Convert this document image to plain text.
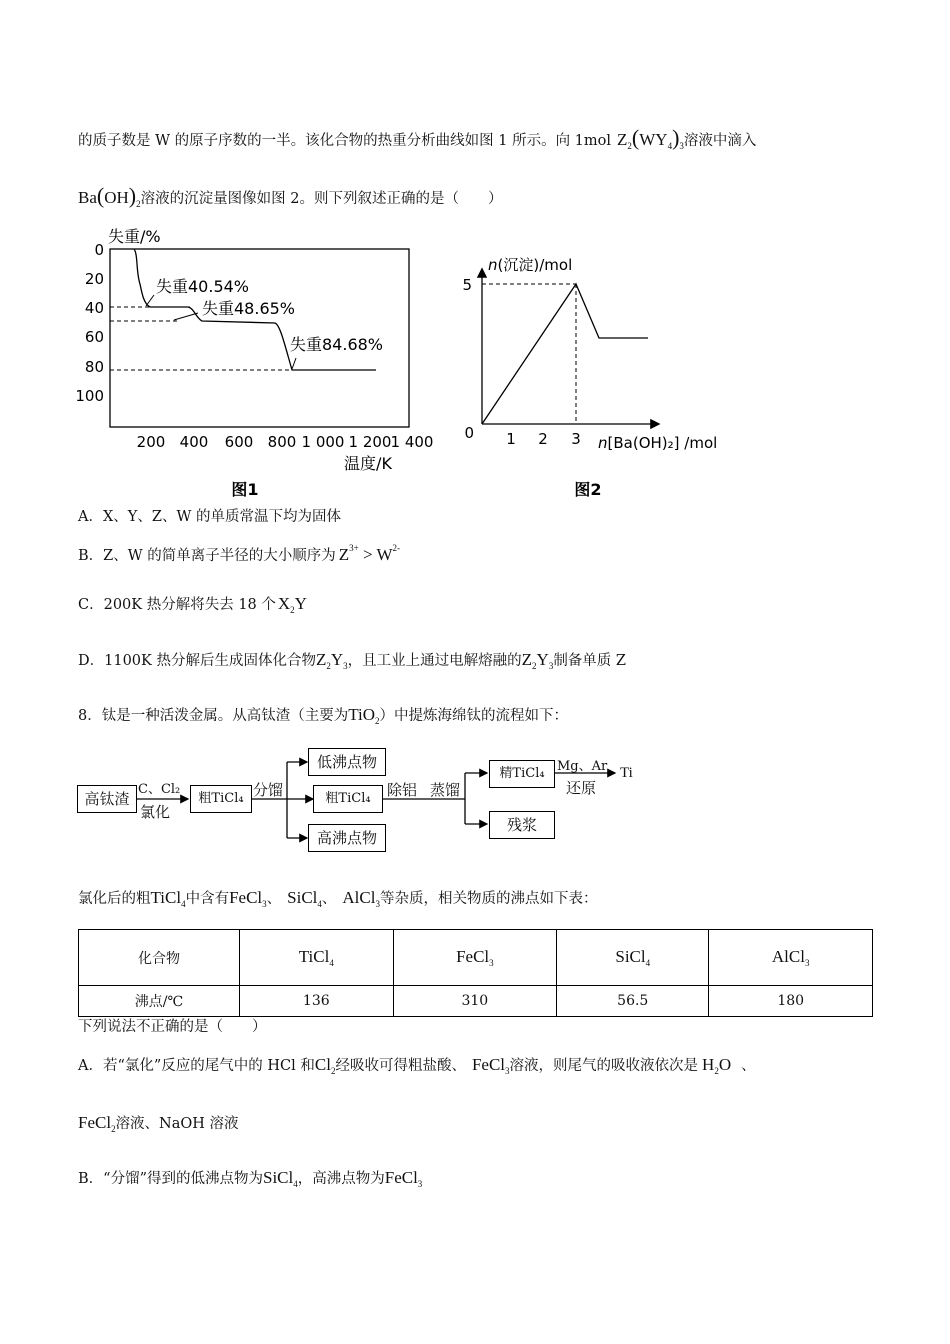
的质子数是 W 的原子序数的一半。该化合物的热重分析曲线如图 1 所示。向 1mol $Z_2(WY_4)_3$溶液中滴入
$Ba(OH)_2$溶液的沉淀量图像如图 2。则下列叙述正确的是（　　）
失重/%
0
20
40
60
80
100
失重40.54%
失重48.65%
失重84.68%
200 400 600 800 1 000 1 200 1 400
温度/K
图1
n(沉淀)/mol
5
0 1 2 3 n[Ba(OH)₂] /mol
图2
A．X、Y、Z、W 的单质常温下均为固体
B．Z、W 的简单离子半径的大小顺序为 $Z^{3+} > W^{2-}$
C．200K 热分解将失去 18 个 $X_2Y$
D．1100K 热分解后生成固体化合物$Z_2Y_3$，且工业上通过电解熔融的$Z_2Y_3$制备单质 Z
8．钛是一种活泼金属。从高钛渣（主要为TiO$_2$）中提炼海绵钛的流程如下：
高钛渣
C、Cl₂
氯化
粗TiCl₄ 分馏
低沸点物
粗TiCl₄
高沸点物
除铝 蒸馏
精TiCl₄
残浆
Mg、Ar
还原
Ti
氯化后的粗TiCl$_4$中含有FeCl$_3$、 SiCl$_4$、 AlCl$_3$等杂质，相关物质的沸点如下表：
化合物	TiCl$_4$	FeCl$_3$	SiCl$_4$	AlCl$_3$
沸点/℃	136	310	56.5	180
下列说法不正确的是（　　）
A．若“氯化”反应的尾气中的 HCl 和$Cl_2$经吸收可得粗盐酸、 FeCl$_3$溶液，则尾气的吸收液依次是 $H_2O$ 、
FeCl$_2$溶液、NaOH 溶液
B．“分馏”得到的低沸点物为SiCl$_4$，高沸点物为FeCl$_3$
